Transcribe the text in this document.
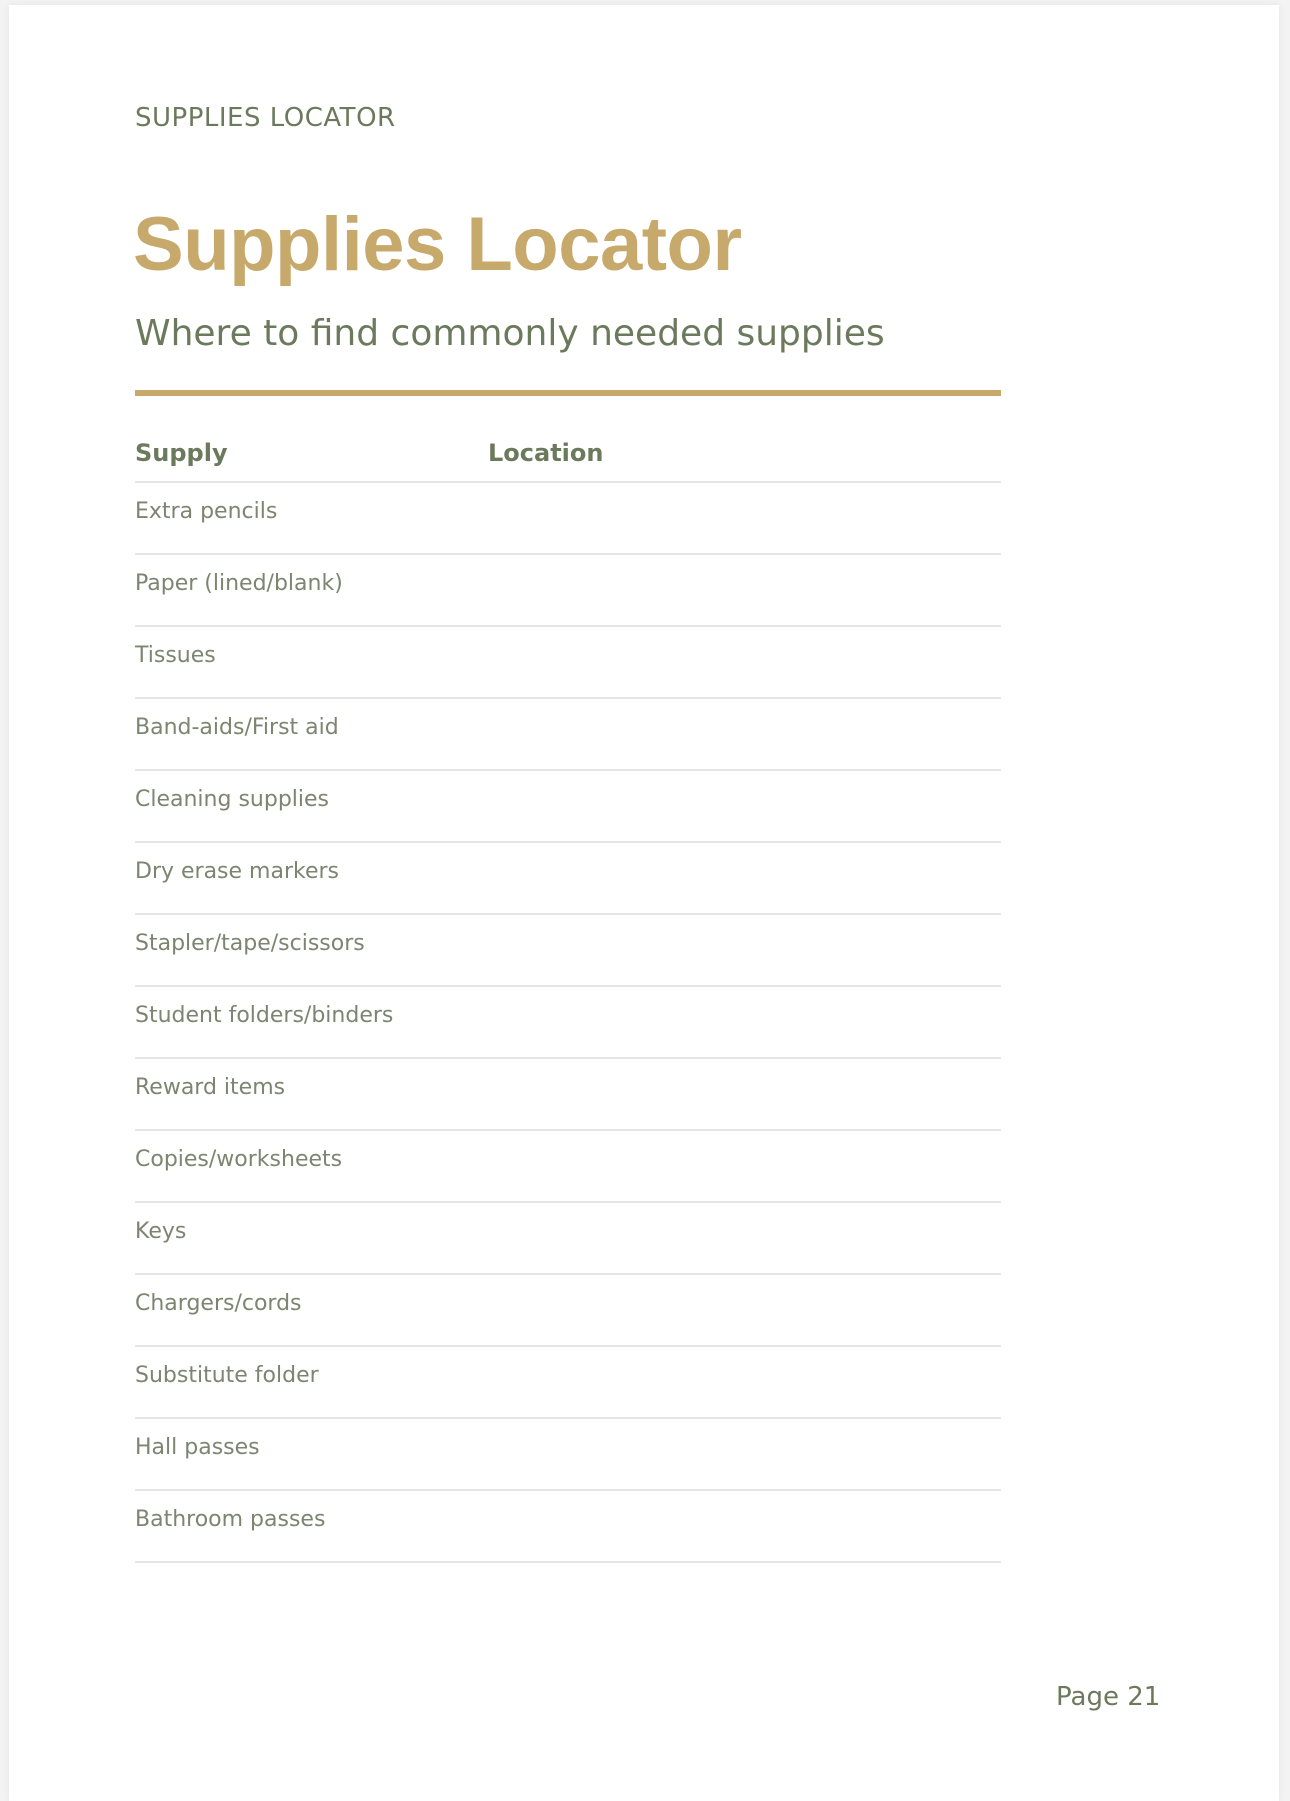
SUPPLIES LOCATOR
Supplies Locator
Where to find commonly needed supplies
Supply	Location
Extra pencils
Paper (lined/blank)
Tissues
Band-aids/First aid
Cleaning supplies
Dry erase markers
Stapler/tape/scissors
Student folders/binders
Reward items
Copies/worksheets
Keys
Chargers/cords
Substitute folder
Hall passes
Bathroom passes
Page 21
